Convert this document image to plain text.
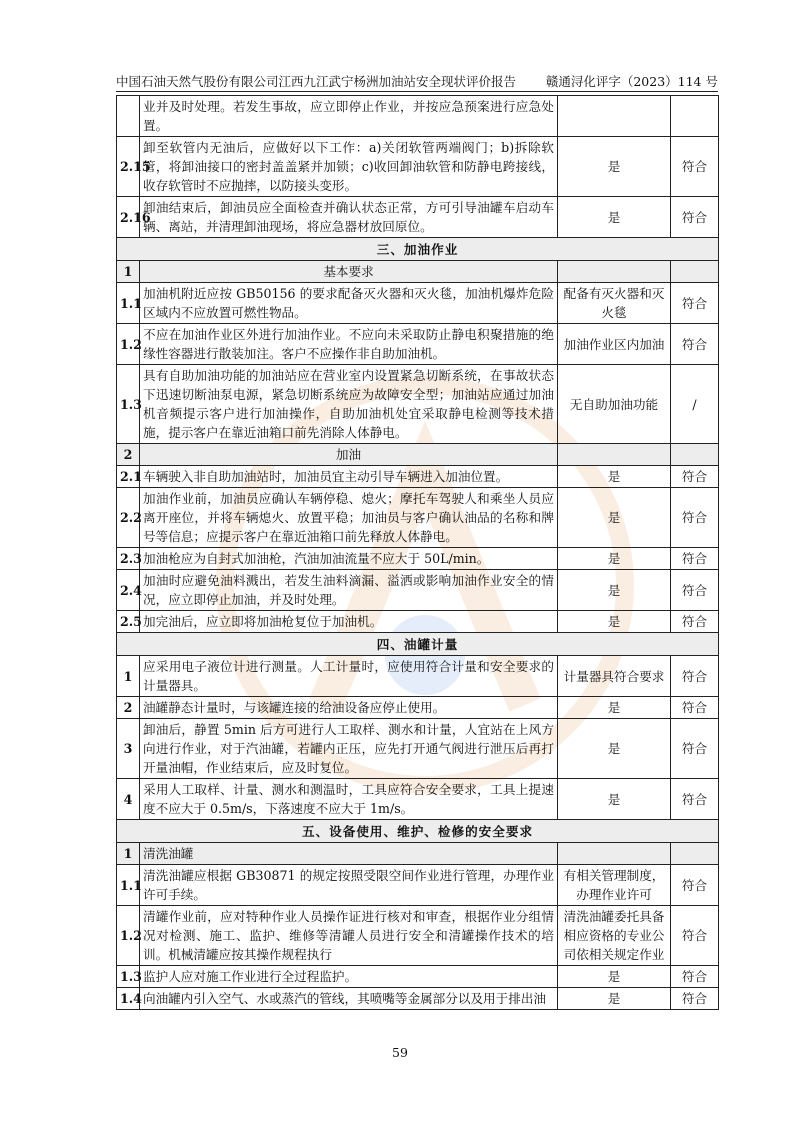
中国石油天然气股份有限公司江西九江武宁杨洲加油站安全现状评价报告 赣通浔化评字（2023）114 号
	业并及时处理。若发生事故，应立即停止作业，并按应急预案进行应急处置。		
2.15	卸至软管内无油后，应做好以下工作：a)关闭软管两端阀门；b)拆除软管，将卸油接口的密封盖盖紧并加锁；c)收回卸油软管和防静电跨接线，收存软管时不应抛摔，以防接头变形。	是	符合
2.16	卸油结束后，卸油员应全面检查并确认状态正常，方可引导油罐车启动车辆、离站，并清理卸油现场，将应急器材放回原位。	是	符合
三、加油作业			
1	基本要求		
1.1	加油机附近应按 GB50156 的要求配备灭火器和灭火毯，加油机爆炸危险区域内不应放置可燃性物品。	配备有灭火器和灭火毯	符合
1.2	不应在加油作业区外进行加油作业。不应向未采取防止静电积聚措施的绝缘性容器进行散装加注。客户不应操作非自助加油机。	加油作业区内加油	符合
1.3	具有自助加油功能的加油站应在营业室内设置紧急切断系统，在事故状态下迅速切断油泵电源，紧急切断系统应为故障安全型；加油站应通过加油机音频提示客户进行加油操作，自助加油机处宜采取静电检测等技术措施，提示客户在靠近油箱口前先消除人体静电。	无自助加油功能	/
2	加油		
2.1	车辆驶入非自助加油站时，加油员宜主动引导车辆进入加油位置。	是	符合
2.2	加油作业前，加油员应确认车辆停稳、熄火；摩托车驾驶人和乘坐人员应离开座位，并将车辆熄火、放置平稳；加油员与客户确认油品的名称和牌号等信息；应提示客户在靠近油箱口前先释放人体静电。	是	符合
2.3	加油枪应为自封式加油枪，汽油加油流量不应大于 50L/min。	是	符合
2.4	加油时应避免油料溅出，若发生油料滴漏、溢洒或影响加油作业安全的情况，应立即停止加油，并及时处理。	是	符合
2.5	加完油后，应立即将加油枪复位于加油机。	是	符合
四、油罐计量			
1	应采用电子液位计进行测量。人工计量时，应使用符合计量和安全要求的计量器具。	计量器具符合要求	符合
2	油罐静态计量时，与该罐连接的给油设备应停止使用。	是	符合
3	卸油后，静置 5min 后方可进行人工取样、测水和计量，人宜站在上风方向进行作业，对于汽油罐，若罐内正压，应先打开通气阀进行泄压后再打开量油帽，作业结束后，应及时复位。	是	符合
4	采用人工取样、计量、测水和测温时，工具应符合安全要求，工具上提速度不应大于 0.5m/s，下落速度不应大于 1m/s。	是	符合
五、设备使用、维护、检修的安全要求			
1	清洗油罐		
1.1	清洗油罐应根据 GB30871 的规定按照受限空间作业进行管理，办理作业许可手续。	有相关管理制度，办理作业许可	符合
1.2	清罐作业前，应对特种作业人员操作证进行核对和审查，根据作业分组情况对检测、施工、监护、维修等清罐人员进行安全和清罐操作技术的培训。机械清罐应按其操作规程执行	清洗油罐委托具备相应资格的专业公司依相关规定作业	符合
1.3	监护人应对施工作业进行全过程监护。	是	符合
1.4	向油罐内引入空气、水或蒸汽的管线，其喷嘴等金属部分以及用于排出油	是	符合
59
